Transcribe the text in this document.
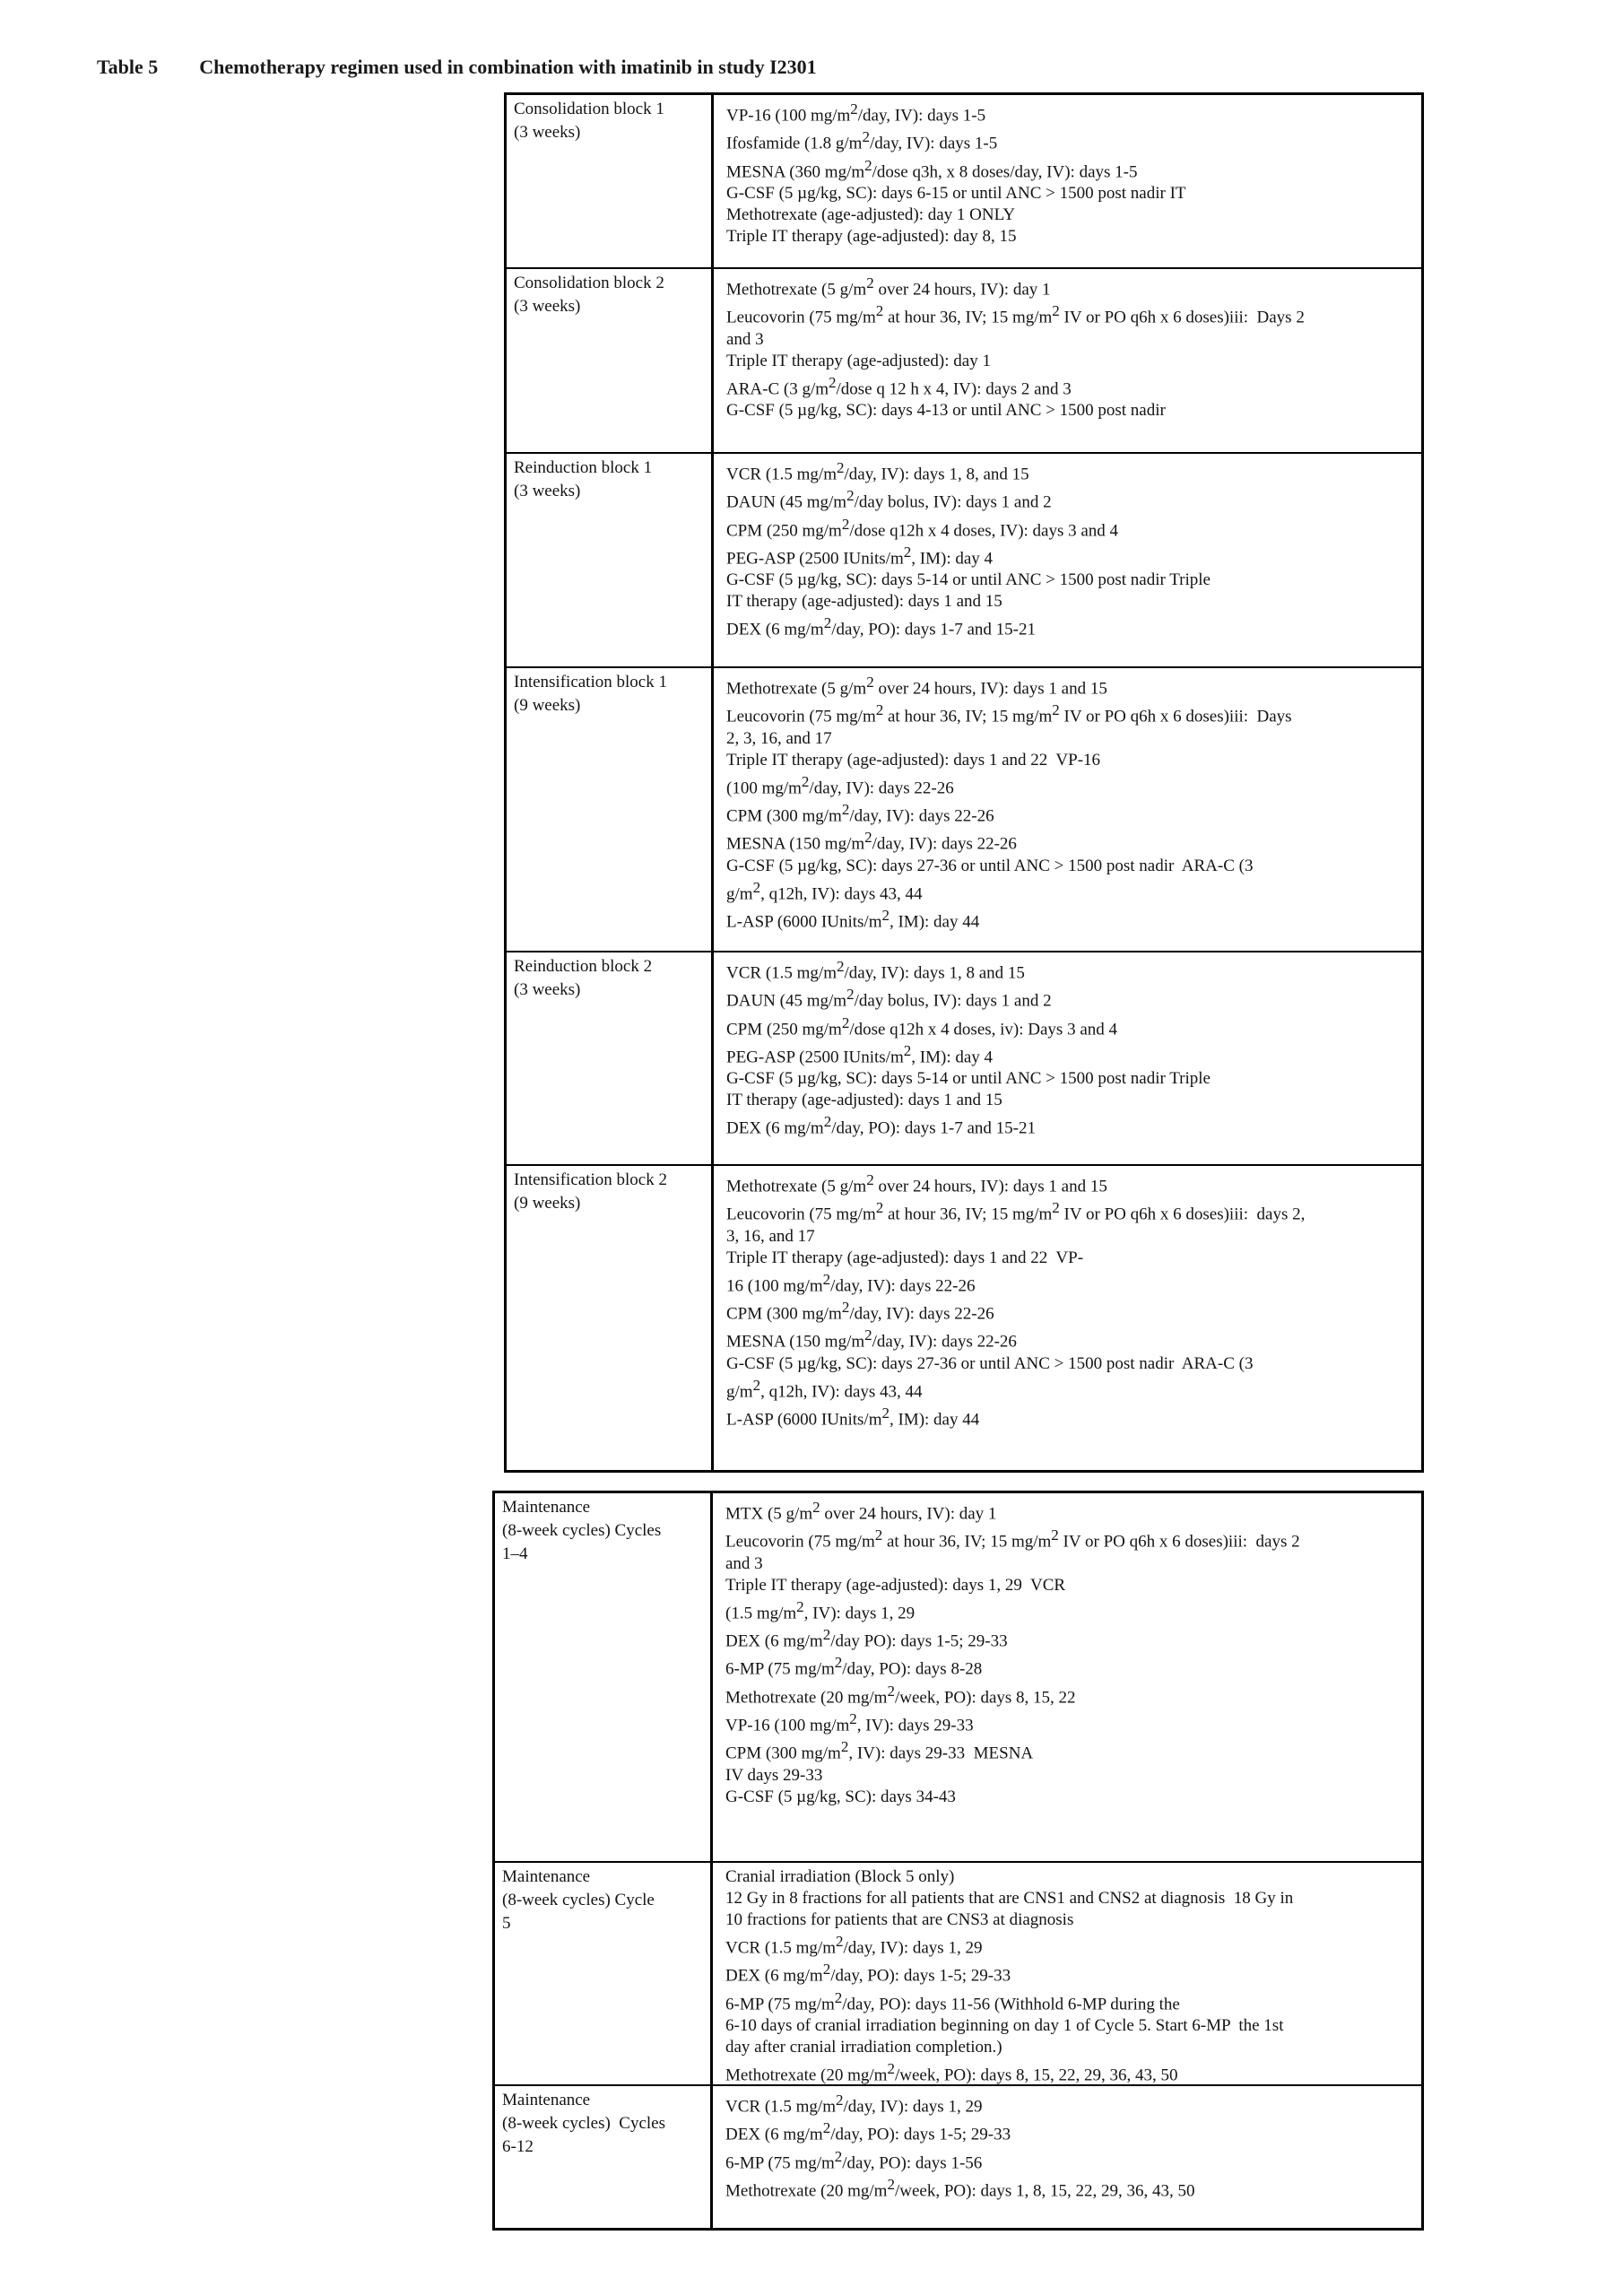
Table 5 Chemotherapy regimen used in combination with imatinib in study I2301
Consolidation block 1
(3 weeks)
VP-16 (100 $mg/m^2$/day, IV): days 1-5
Ifosfamide (1.8 $g/m^2$/day, IV): days 1-5
MESNA (360 $mg/m^2$/dose q3h, x 8 doses/day, IV): days 1-5
G-CSF (5 µg/kg, SC): days 6-15 or until ANC > 1500 post nadir IT
Methotrexate (age-adjusted): day 1 ONLY
Triple IT therapy (age-adjusted): day 8, 15
Consolidation block 2
(3 weeks)
Methotrexate (5 $g/m^2$ over 24 hours, IV): day 1
Leucovorin (75 $mg/m^2$ at hour 36, IV; 15 $mg/m^2$ IV or PO q6h x 6 doses)iii:  Days 2
and 3
Triple IT therapy (age-adjusted): day 1
ARA-C (3 $g/m^2$/dose q 12 h x 4, IV): days 2 and 3
G-CSF (5 µg/kg, SC): days 4-13 or until ANC > 1500 post nadir
Reinduction block 1
(3 weeks)
VCR (1.5 $mg/m^2$/day, IV): days 1, 8, and 15
DAUN (45 $mg/m^2$/day bolus, IV): days 1 and 2
CPM (250 $mg/m^2$/dose q12h x 4 doses, IV): days 3 and 4
PEG-ASP (2500 IUnits/$m^2$, IM): day 4
G-CSF (5 µg/kg, SC): days 5-14 or until ANC > 1500 post nadir Triple
IT therapy (age-adjusted): days 1 and 15
DEX (6 $mg/m^2$/day, PO): days 1-7 and 15-21
Intensification block 1
(9 weeks)
Methotrexate (5 $g/m^2$ over 24 hours, IV): days 1 and 15
Leucovorin (75 $mg/m^2$ at hour 36, IV; 15 $mg/m^2$ IV or PO q6h x 6 doses)iii:  Days
2, 3, 16, and 17
Triple IT therapy (age-adjusted): days 1 and 22  VP-16
(100 $mg/m^2$/day, IV): days 22-26
CPM (300 $mg/m^2$/day, IV): days 22-26
MESNA (150 $mg/m^2$/day, IV): days 22-26
G-CSF (5 µg/kg, SC): days 27-36 or until ANC > 1500 post nadir  ARA-C (3
$g/m^2$, q12h, IV): days 43, 44
L-ASP (6000 IUnits/$m^2$, IM): day 44
Reinduction block 2
(3 weeks)
VCR (1.5 $mg/m^2$/day, IV): days 1, 8 and 15
DAUN (45 $mg/m^2$/day bolus, IV): days 1 and 2
CPM (250 $mg/m^2$/dose q12h x 4 doses, iv): Days 3 and 4
PEG-ASP (2500 IUnits/$m^2$, IM): day 4
G-CSF (5 µg/kg, SC): days 5-14 or until ANC > 1500 post nadir Triple
IT therapy (age-adjusted): days 1 and 15
DEX (6 $mg/m^2$/day, PO): days 1-7 and 15-21
Intensification block 2
(9 weeks)
Methotrexate (5 $g/m^2$ over 24 hours, IV): days 1 and 15
Leucovorin (75 $mg/m^2$ at hour 36, IV; 15 $mg/m^2$ IV or PO q6h x 6 doses)iii:  days 2,
3, 16, and 17
Triple IT therapy (age-adjusted): days 1 and 22  VP-
16 (100 $mg/m^2$/day, IV): days 22-26
CPM (300 $mg/m^2$/day, IV): days 22-26
MESNA (150 $mg/m^2$/day, IV): days 22-26
G-CSF (5 µg/kg, SC): days 27-36 or until ANC > 1500 post nadir  ARA-C (3
$g/m^2$, q12h, IV): days 43, 44
L-ASP (6000 IUnits/$m^2$, IM): day 44
Maintenance
(8-week cycles) Cycles
1–4
MTX (5 $g/m^2$ over 24 hours, IV): day 1
Leucovorin (75 $mg/m^2$ at hour 36, IV; 15 $mg/m^2$ IV or PO q6h x 6 doses)iii:  days 2
and 3
Triple IT therapy (age-adjusted): days 1, 29  VCR
(1.5 $mg/m^2$, IV): days 1, 29
DEX (6 $mg/m^2$/day PO): days 1-5; 29-33
6-MP (75 $mg/m^2$/day, PO): days 8-28
Methotrexate (20 $mg/m^2$/week, PO): days 8, 15, 22
VP-16 (100 $mg/m^2$, IV): days 29-33
CPM (300 $mg/m^2$, IV): days 29-33  MESNA
IV days 29-33
G-CSF (5 µg/kg, SC): days 34-43
Maintenance
(8-week cycles) Cycle
5
Cranial irradiation (Block 5 only)
12 Gy in 8 fractions for all patients that are CNS1 and CNS2 at diagnosis  18 Gy in
10 fractions for patients that are CNS3 at diagnosis
VCR (1.5 $mg/m^2$/day, IV): days 1, 29
DEX (6 $mg/m^2$/day, PO): days 1-5; 29-33
6-MP (75 $mg/m^2$/day, PO): days 11-56 (Withhold 6-MP during the
6-10 days of cranial irradiation beginning on day 1 of Cycle 5. Start 6-MP  the 1st
day after cranial irradiation completion.)
Methotrexate (20 $mg/m^2$/week, PO): days 8, 15, 22, 29, 36, 43, 50
Maintenance
(8-week cycles)  Cycles
6-12
VCR (1.5 $mg/m^2$/day, IV): days 1, 29
DEX (6 $mg/m^2$/day, PO): days 1-5; 29-33
6-MP (75 $mg/m^2$/day, PO): days 1-56
Methotrexate (20 $mg/m^2$/week, PO): days 1, 8, 15, 22, 29, 36, 43, 50
